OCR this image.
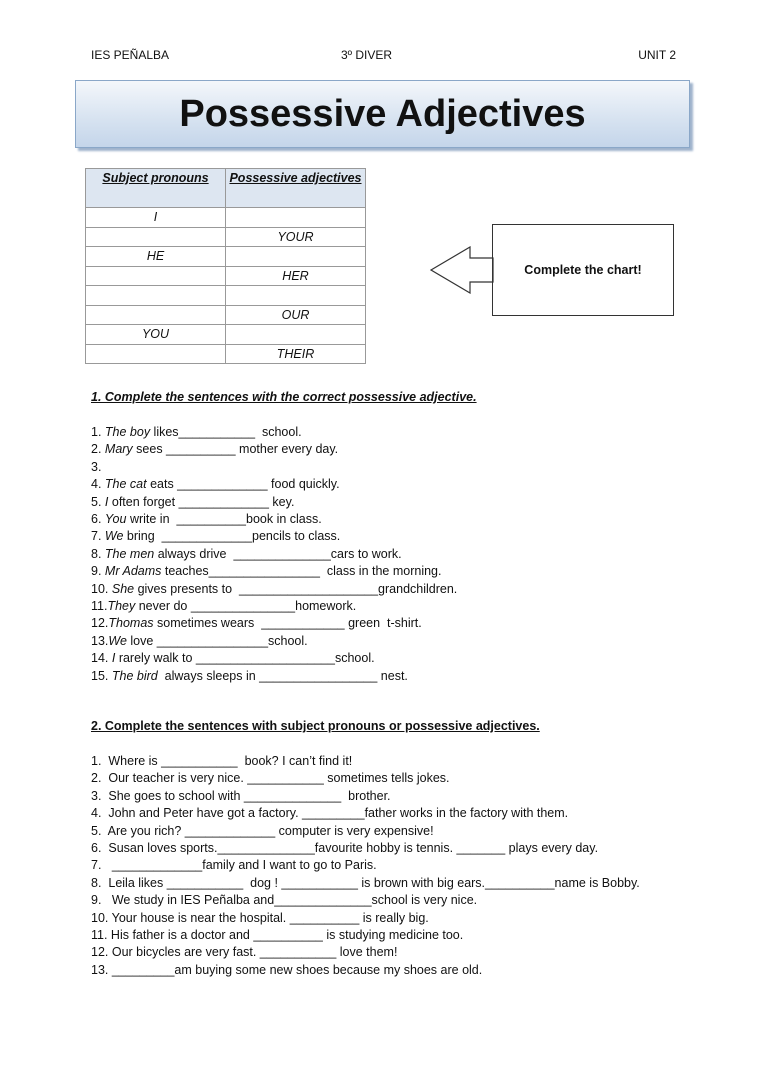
IES PEÑALBA	3º DIVER	UNIT 2
Possessive Adjectives
Subject pronouns	Possessive adjectives
I	
	YOUR
HE	
	HER

	OUR
YOU	
	THEIR
Complete the chart!
1. Complete the sentences with the correct possessive adjective.
1. The boy likes___________  school.
2. Mary sees __________ mother every day.
3.
4. The cat eats _____________ food quickly.
5. I often forget _____________ key.
6. You write in  __________book in class.
7. We bring  _____________pencils to class.
8. The men always drive  ______________cars to work.
9. Mr Adams teaches________________  class in the morning.
10. She gives presents to  ____________________grandchildren.
11.They never do _______________homework.
12.Thomas sometimes wears  ____________ green  t-shirt.
13.We love ________________school.
14. I rarely walk to ____________________school.
15. The bird  always sleeps in _________________ nest.
2. Complete the sentences with subject pronouns or possessive adjectives.
1.  Where is ___________  book? I can’t find it!
2.  Our teacher is very nice. ___________ sometimes tells jokes.
3.  She goes to school with ______________  brother.
4.  John and Peter have got a factory. _________father works in the factory with them.
5.  Are you rich? _____________ computer is very expensive!
6.  Susan loves sports.______________favourite hobby is tennis. _______ plays every day.
7.   _____________family and I want to go to Paris.
8.  Leila likes ___________  dog ! ___________ is brown with big ears.__________name is Bobby.
9.   We study in IES Peñalba and______________school is very nice.
10. Your house is near the hospital. __________ is really big.
11. His father is a doctor and __________ is studying medicine too.
12. Our bicycles are very fast. ___________ love them!
13. _________am buying some new shoes because my shoes are old.
